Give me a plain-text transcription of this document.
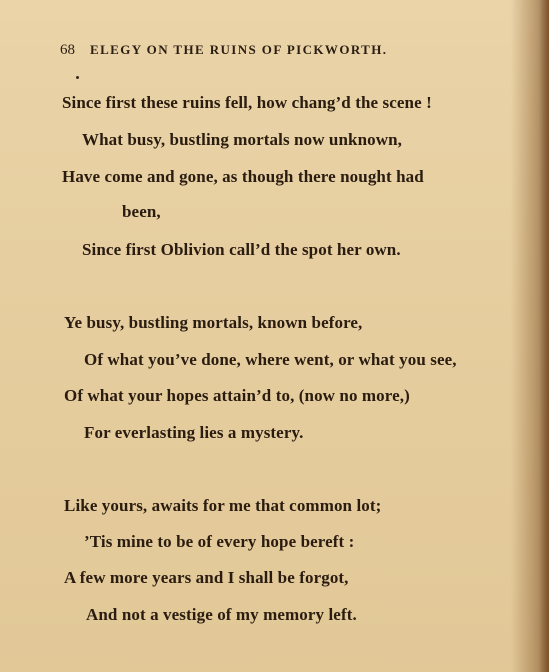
68 ELEGY ON THE RUINS OF PICKWORTH.
Since first these ruins fell, how chang’d the scene !
What busy, bustling mortals now unknown,
Have come and gone, as though there nought had
been,
Since first Oblivion call’d the spot her own.
Ye busy, bustling mortals, known before,
Of what you’ve done, where went, or what you see,
Of what your hopes attain’d to, (now no more,)
For everlasting lies a mystery.
Like yours, awaits for me that common lot;
’Tis mine to be of every hope bereft :
A few more years and I shall be forgot,
And not a vestige of my memory left.
